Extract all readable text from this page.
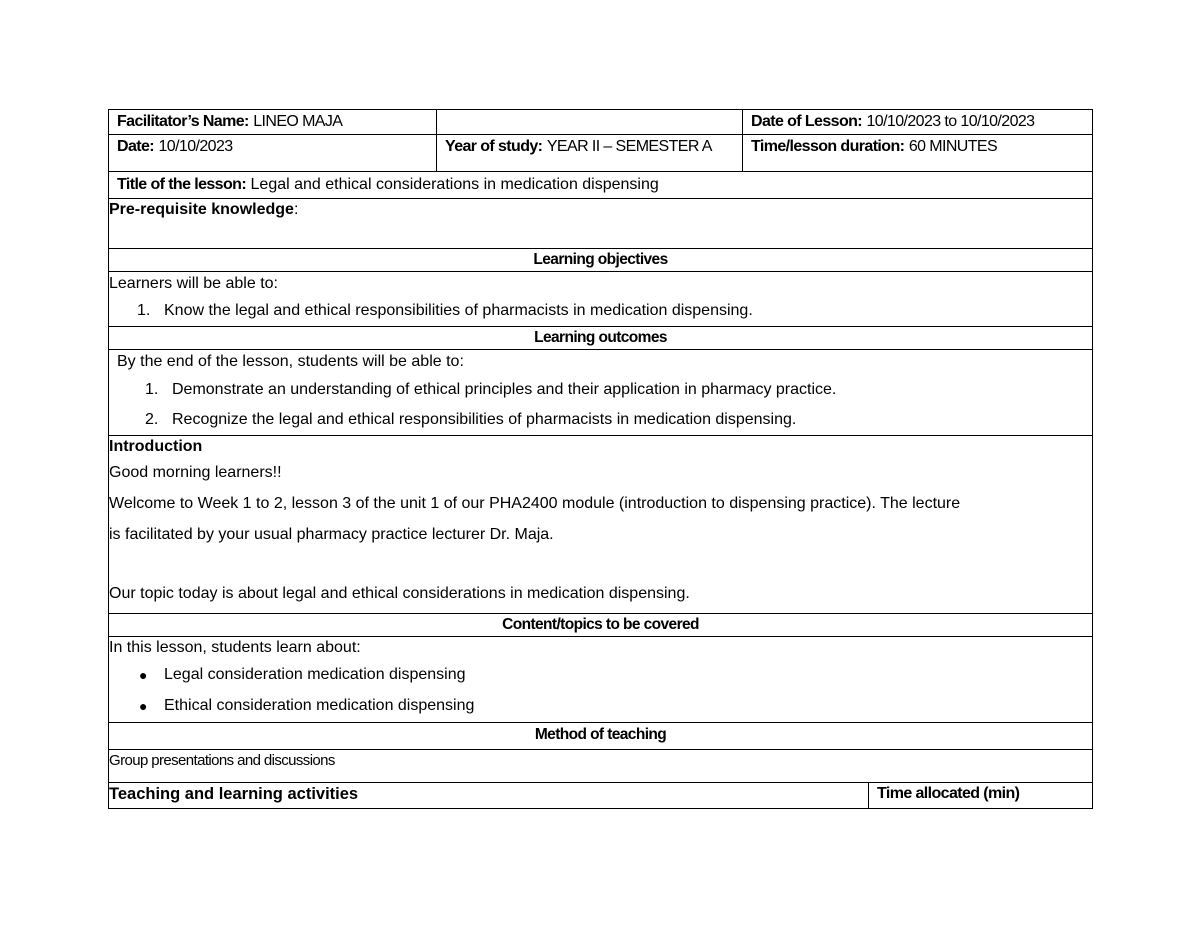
Facilitator’s Name: LINEO MAJA		Date of Lesson: 10/10/2023 to 10/10/2023	
Date: 10/10/2023	Year of study: YEAR II – SEMESTER A	Time/lesson duration: 60 MINUTES	
Title of the lesson: Legal and ethical considerations in medication dispensing			
Pre-requisite knowledge:			
Learning objectives			

Learners will be able to:
1. Know the legal and ethical responsibilities of pharmacists in medication dispensing.			

Learning outcomes			

By the end of the lesson, students will be able to:
1. Demonstrate an understanding of ethical principles and their application in pharmacy practice.
2. Recognize the legal and ethical responsibilities of pharmacists in medication dispensing.			

Introduction
Good morning learners!!
Welcome to Week 1 to 2, lesson 3 of the unit 1 of our PHA2400 module (introduction to dispensing practice). The lecture
is facilitated by your usual pharmacy practice lecturer Dr. Maja.
Our topic today is about legal and ethical considerations in medication dispensing.			

Content/topics to be covered			

In this lesson, students learn about:
● Legal consideration medication dispensing
● Ethical consideration medication dispensing			

Method of teaching			
Group presentations and discussions			
Teaching and learning activities			Time allocated (min)
